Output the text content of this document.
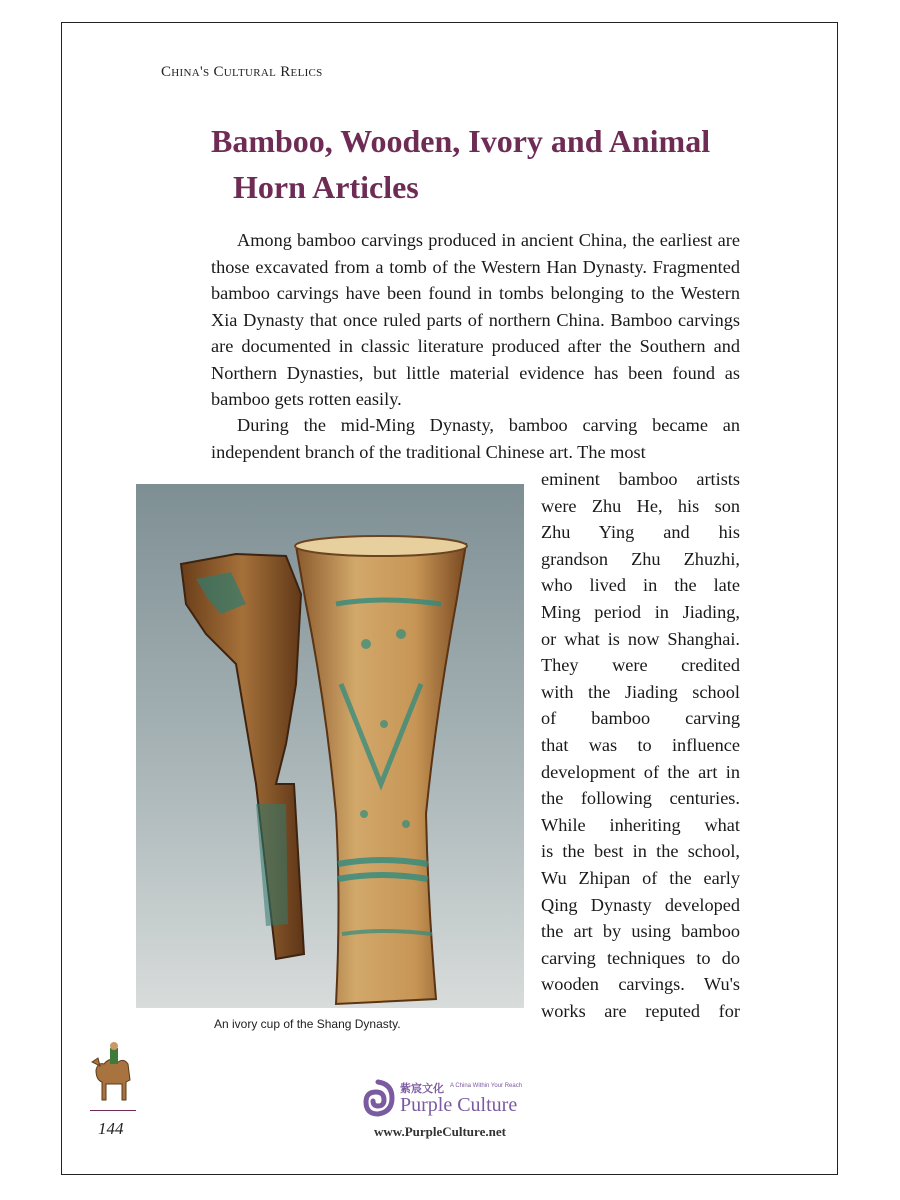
China's Cultural Relics
Bamboo, Wooden, Ivory and Animal
Horn Articles

Among bamboo carvings produced in ancient China, the earliest are those excavated from a tomb of the Western Han Dynasty. Fragmented bamboo carvings have been found in tombs belonging to the Western Xia Dynasty that once ruled parts of northern China. Bamboo carvings are documented in classic literature produced after the Southern and Northern Dynasties, but little material evidence has been found as bamboo gets rotten easily.

During the mid-Ming Dynasty, bamboo carving became an independent branch of the traditional Chinese art. The most

eminent bamboo artists
were Zhu He, his son
Zhu Ying and his
grandson Zhu Zhuzhi,
who lived in the late
Ming period in Jiading,
or what is now Shanghai.
They were credited
with the Jiading school
of bamboo carving
that was to influence
development of the art in
the following centuries.
While inheriting what
is the best in the school,
Wu Zhipan of the early
Qing Dynasty developed
the art by using bamboo
carving techniques to do
wooden carvings. Wu's
works are reputed for
An ivory cup of the Shang Dynasty.
144
紫宸文化 A China Within Your Reach
Purple Culture
www.PurpleCulture.net
